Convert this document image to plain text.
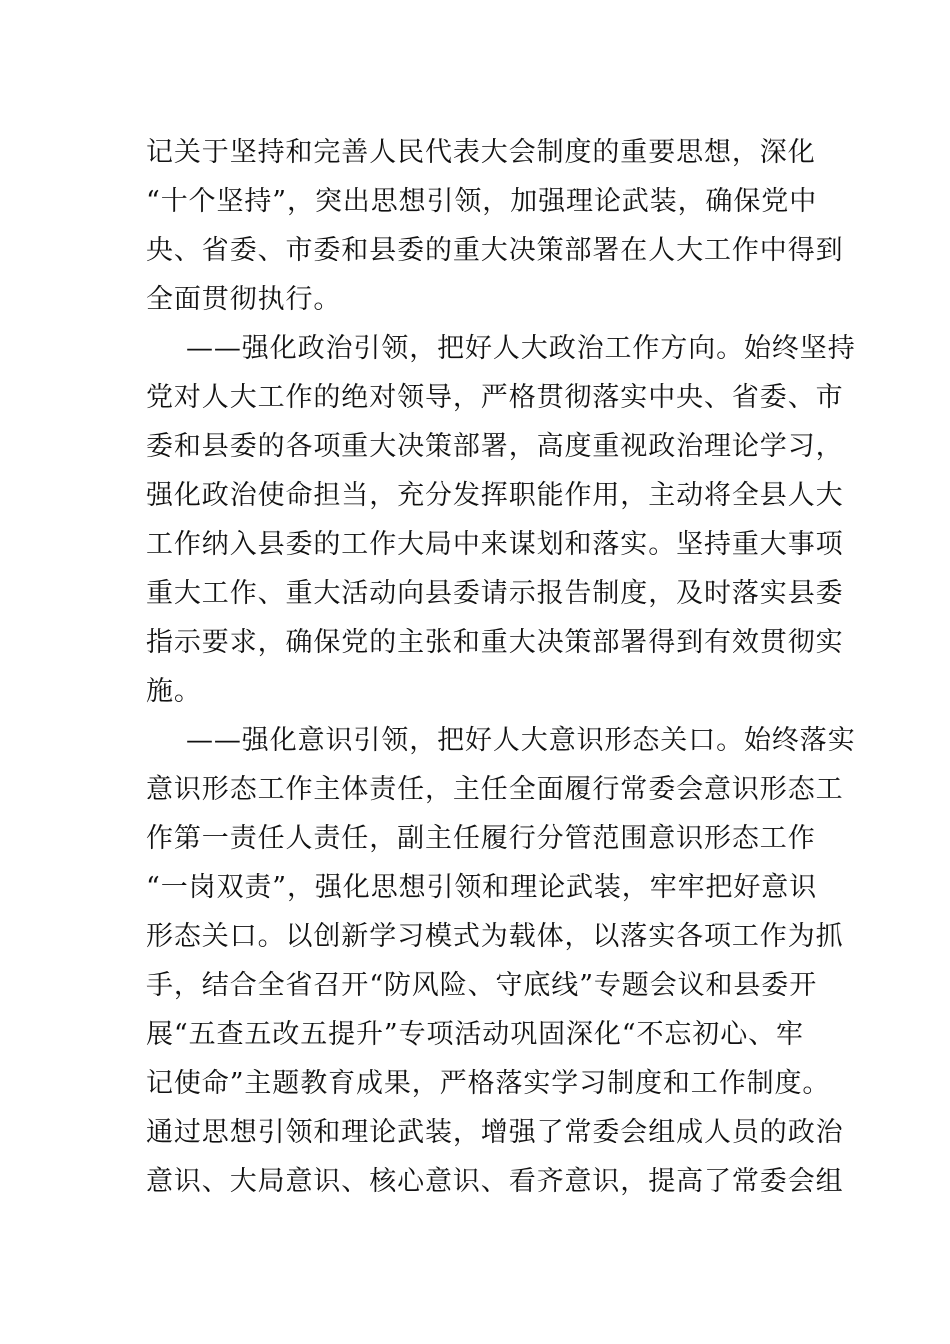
记关于坚持和完善人民代表大会制度的重要思想，深化
“十个坚持”，突出思想引领，加强理论武装，确保党中
央、省委、市委和县委的重大决策部署在人大工作中得到
全面贯彻执行。
——强化政治引领，把好人大政治工作方向。始终坚持
党对人大工作的绝对领导，严格贯彻落实中央、省委、市
委和县委的各项重大决策部署，高度重视政治理论学习，
强化政治使命担当，充分发挥职能作用，主动将全县人大
工作纳入县委的工作大局中来谋划和落实。坚持重大事项
重大工作、重大活动向县委请示报告制度，及时落实县委
指示要求，确保党的主张和重大决策部署得到有效贯彻实
施。
——强化意识引领，把好人大意识形态关口。始终落实
意识形态工作主体责任，主任全面履行常委会意识形态工
作第一责任人责任，副主任履行分管范围意识形态工作
“一岗双责”，强化思想引领和理论武装，牢牢把好意识
形态关口。以创新学习模式为载体，以落实各项工作为抓
手，结合全省召开“防风险、守底线”专题会议和县委开
展“五查五改五提升”专项活动巩固深化“不忘初心、牢
记使命”主题教育成果，严格落实学习制度和工作制度。
通过思想引领和理论武装，增强了常委会组成人员的政治
意识、大局意识、核心意识、看齐意识，提高了常委会组
